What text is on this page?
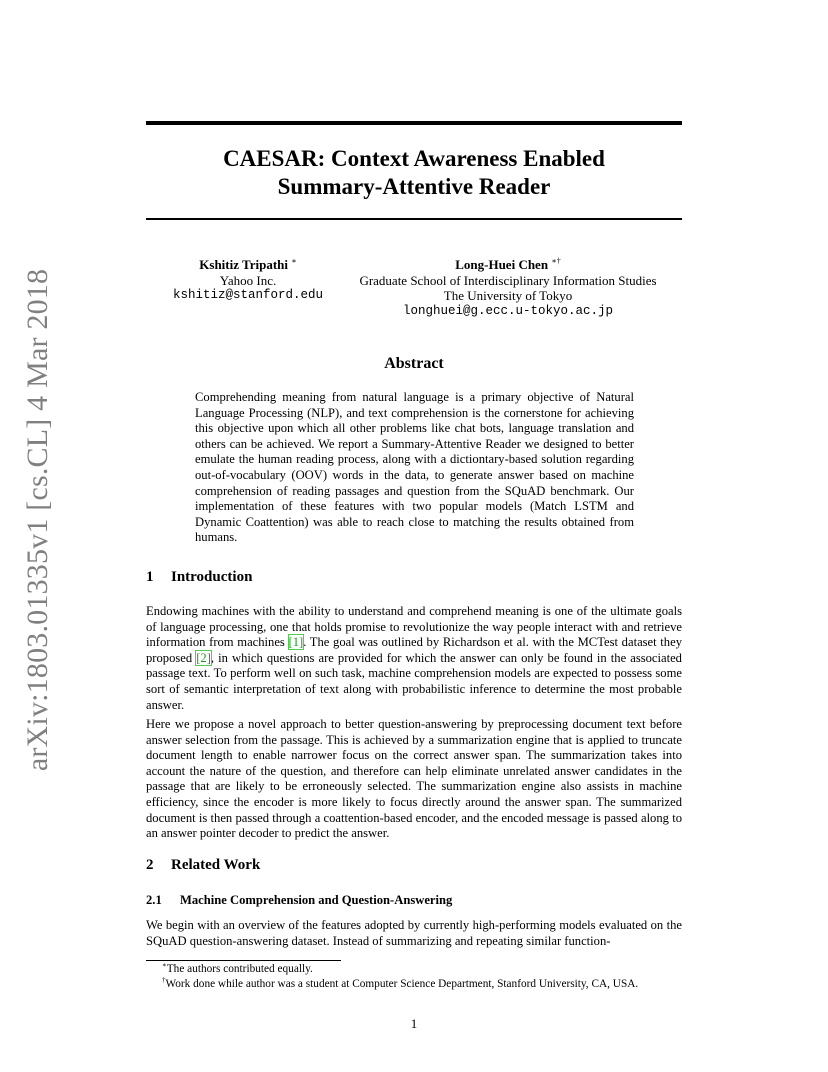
arXiv:1803.01335v1 [cs.CL] 4 Mar 2018
CAESAR: Context Awareness Enabled
Summary-Attentive Reader
Kshitiz Tripathi ∗
Yahoo Inc.
kshitiz@stanford.edu
Long-Huei Chen ∗†
Graduate School of Interdisciplinary Information Studies
The University of Tokyo
longhuei@g.ecc.u-tokyo.ac.jp
Abstract

Comprehending meaning from natural language is a primary objective of Natural Language Processing (NLP), and text comprehension is the cornerstone for achieving this objective upon which all other problems like chat bots, language translation and others can be achieved. We report a Summary-Attentive Reader we designed to better emulate the human reading process, along with a dictiontary-based solution regarding out-of-vocabulary (OOV) words in the data, to generate answer based on machine comprehension of reading passages and question from the SQuAD benchmark. Our implementation of these features with two popular models (Match LSTM and Dynamic Coattention) was able to reach close to matching the results obtained from humans.

1 Introduction

Endowing machines with the ability to understand and comprehend meaning is one of the ultimate goals of language processing, one that holds promise to revolutionize the way people interact with and retrieve information from machines [1]. The goal was outlined by Richardson et al. with the MCTest dataset they proposed [2], in which questions are provided for which the answer can only be found in the associated passage text. To perform well on such task, machine comprehension models are expected to possess some sort of semantic interpretation of text along with probabilistic inference to determine the most probable answer.

Here we propose a novel approach to better question-answering by preprocessing document text before answer selection from the passage. This is achieved by a summarization engine that is applied to truncate document length to enable narrower focus on the correct answer span. The summarization takes into account the nature of the question, and therefore can help eliminate unrelated answer candidates in the passage that are likely to be erroneously selected. The summarization engine also assists in machine efficiency, since the encoder is more likely to focus directly around the answer span. The summarized document is then passed through a coattention-based encoder, and the encoded message is passed along to an answer pointer decoder to predict the answer.

2 Related Work
2.1 Machine Comprehension and Question-Answering

We begin with an overview of the features adopted by currently high-performing models evaluated on the SQuAD question-answering dataset. Instead of summarizing and repeating similar function-

∗The authors contributed equally.
†Work done while author was a student at Computer Science Department, Stanford University, CA, USA.
1
